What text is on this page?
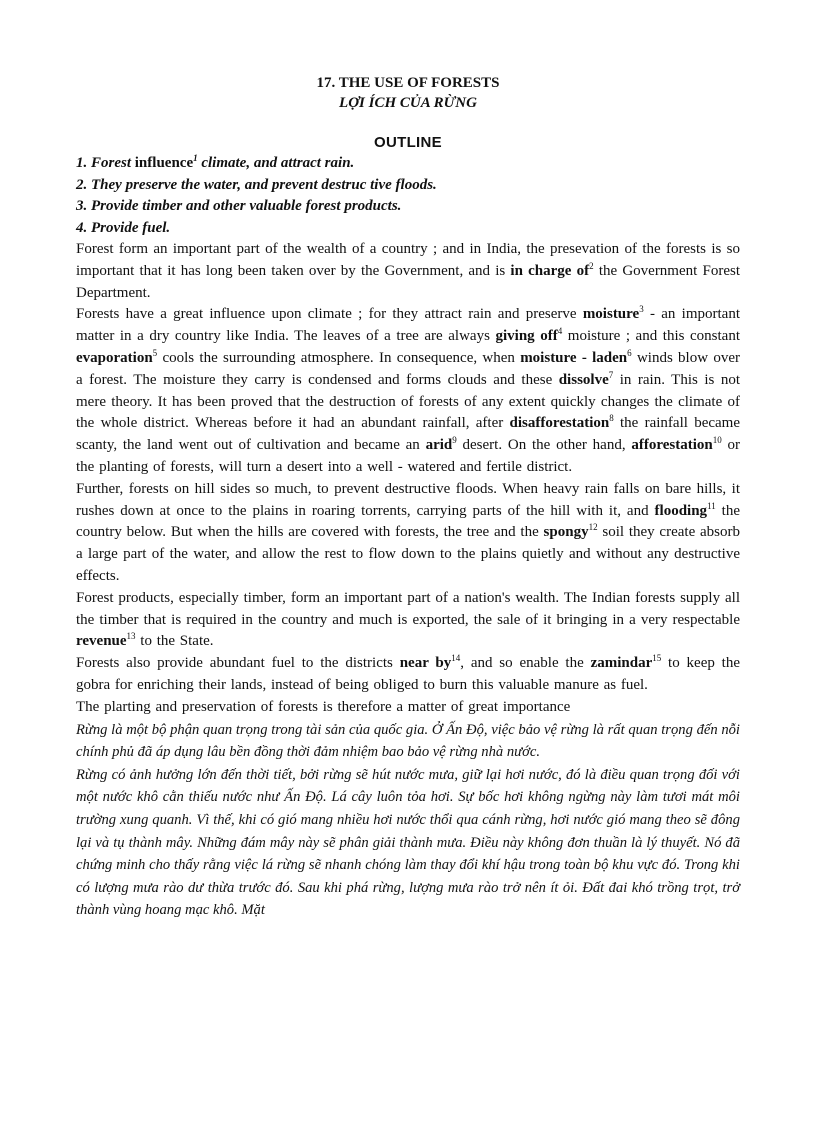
17. THE USE OF FORESTS
LỢI ÍCH CỦA RỪNG
OUTLINE
1. Forest influence$^1$ climate, and attract rain.
2. They preserve the water, and prevent destruc tive floods.
3. Provide timber and other valuable forest products.
4. Provide fuel.

Forest form an important part of the wealth of a country ; and in India, the presevation of the forests is so important that it has long been taken over by the Government, and is in charge $of^2$ the Government Forest Department.

Forests have a great influence upon climate ; for they attract rain and preserve moisture$^3$ - an important matter in a dry country like India. The leaves of a tree are always giving off$^4$ moisture ; and this constant evaporation$^5$ cools the surrounding atmosphere. In consequence, when moisture - laden$^6$ winds blow over a forest. The moisture they carry is condensed and forms clouds and these dissolve$^7$ in rain. This is not mere theory. It has been proved that the destruction of forests of any extent quickly changes the climate of the whole district. Whereas before it had an abundant rainfall, after disafforestation$^8$ the rainfall became scanty, the land went out of cultivation and became an arid$^9$ desert. On the other hand, afforestation$^{10}$ or the planting of forests, will turn a desert into a well - watered and fertile district.

Further, forests on hill sides so much, to prevent destructive floods. When heavy rain falls on bare hills, it rushes down at once to the plains in roaring torrents, carrying parts of the hill with it, and flooding$^{11}$ the country below. But when the hills are covered with forests, the tree and the spongy$^{12}$ soil they create absorb a large part of the water, and allow the rest to flow down to the plains quietly and without any destructive effects.

Forest products, especially timber, form an important part of a nation's wealth. The Indian forests supply all the timber that is required in the country and much is exported, the sale of it bringing in a very respectable revenue$^{13}$ to the State.

Forests also provide abundant fuel to the districts near $by^{14}$, and so enable the zamindar$^{15}$ to keep the gobra for enriching their lands, instead of being obliged to burn this valuable manure as fuel.

The plarting and preservation of forests is therefore a matter of great importance

Rừng là một bộ phận quan trọng trong tài sản của quốc gia. Ở Ấn Độ, việc bảo vệ rừng là rất quan trọng đến nỗi chính phủ đã áp dụng lâu bền đồng thời đảm nhiệm bao bảo vệ rừng nhà nước.

Rừng có ảnh hưởng lớn đến thời tiết, bởi rừng sẽ hút nước mưa, giữ lại hơi nước, đó là điều quan trọng đối với một nước khô cằn thiếu nước như Ấn Độ. Lá cây luôn tỏa hơi. Sự bốc hơi không ngừng này làm tươi mát môi trường xung quanh. Vì thế, khi có gió mang nhiều hơi nước thổi qua cánh rừng, hơi nước gió mang theo sẽ đông lại và tụ thành mây. Những đám mây này sẽ phân giải thành mưa. Điều này không đơn thuần là lý thuyết. Nó đã chứng minh cho thấy rằng việc lá rừng sẽ nhanh chóng làm thay đổi khí hậu trong toàn bộ khu vực đó. Trong khi có lượng mưa rào dư thừa trước đó. Sau khi phá rừng, lượng mưa rào trở nên ít ỏi. Đất đai khó trồng trọt, trở thành vùng hoang mạc khô. Mặt
